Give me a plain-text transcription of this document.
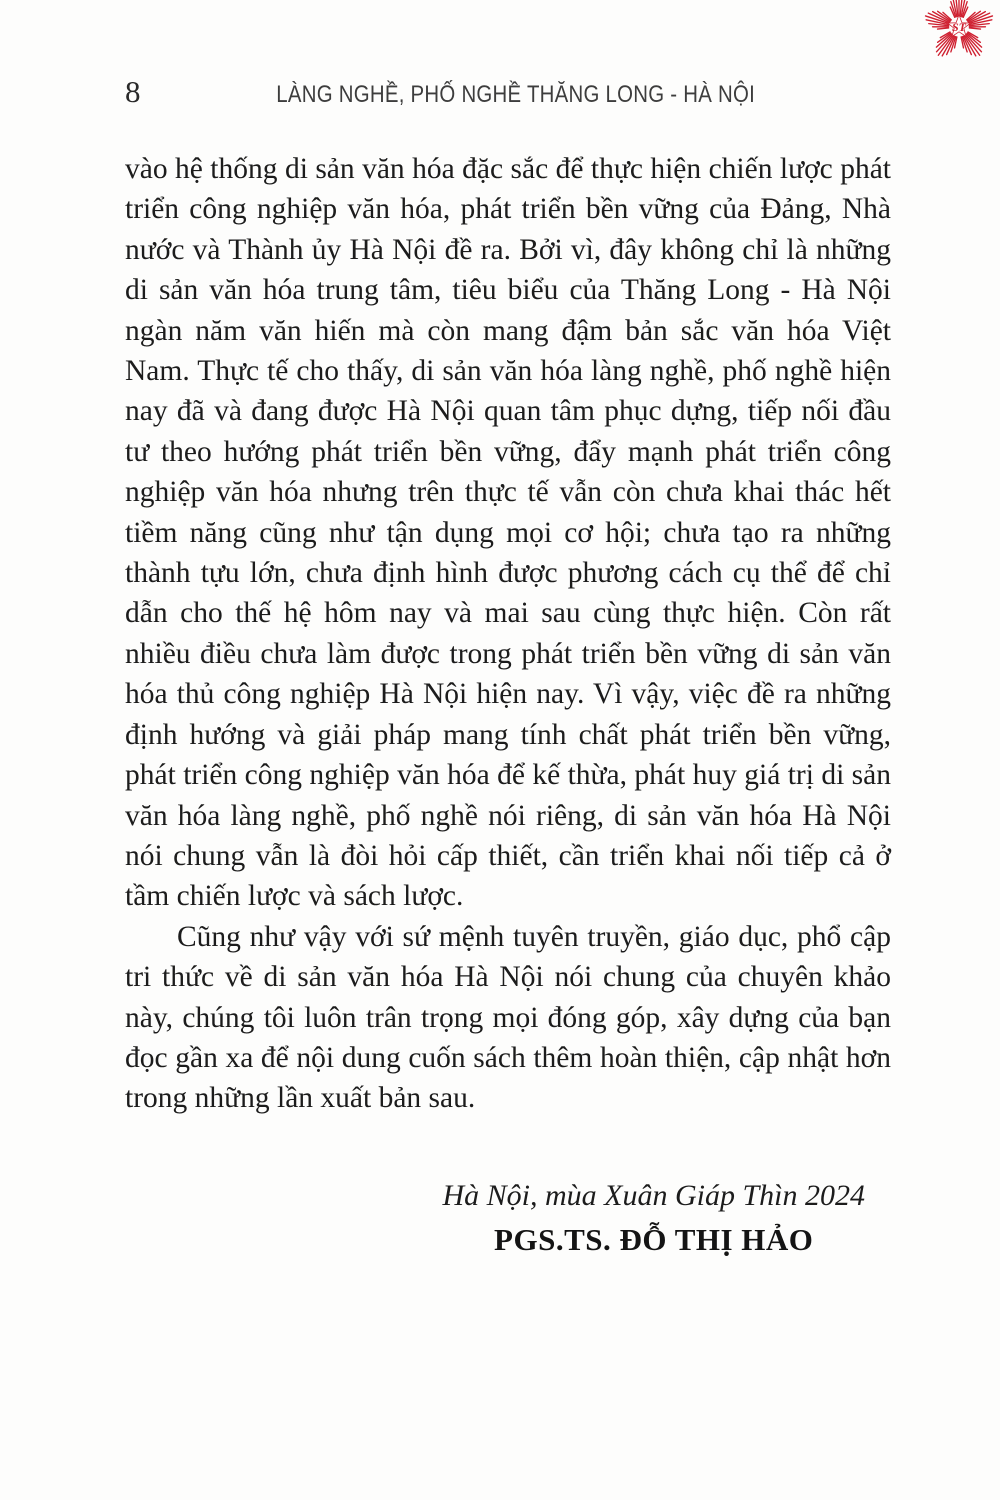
ST
8	LÀNG NGHỀ, PHỐ NGHỀ THĂNG LONG - HÀ NỘI

vào hệ thống di sản văn hóa đặc sắc để thực hiện chiến lược phát triển công nghiệp văn hóa, phát triển bền vững của Đảng, Nhà nước và Thành ủy Hà Nội đề ra. Bởi vì, đây không chỉ là những di sản văn hóa trung tâm, tiêu biểu của Thăng Long - Hà Nội ngàn năm văn hiến mà còn mang đậm bản sắc văn hóa Việt Nam. Thực tế cho thấy, di sản văn hóa làng nghề, phố nghề hiện nay đã và đang được Hà Nội quan tâm phục dựng, tiếp nối đầu tư theo hướng phát triển bền vững, đẩy mạnh phát triển công nghiệp văn hóa nhưng trên thực tế vẫn còn chưa khai thác hết tiềm năng cũng như tận dụng mọi cơ hội; chưa tạo ra những thành tựu lớn, chưa định hình được phương cách cụ thể để chỉ dẫn cho thế hệ hôm nay và mai sau cùng thực hiện. Còn rất nhiều điều chưa làm được trong phát triển bền vững di sản văn hóa thủ công nghiệp Hà Nội hiện nay. Vì vậy, việc đề ra những định hướng và giải pháp mang tính chất phát triển bền vững, phát triển công nghiệp văn hóa để kế thừa, phát huy giá trị di sản văn hóa làng nghề, phố nghề nói riêng, di sản văn hóa Hà Nội nói chung vẫn là đòi hỏi cấp thiết, cần triển khai nối tiếp cả ở tầm chiến lược và sách lược.

Cũng như vậy với sứ mệnh tuyên truyền, giáo dục, phổ cập tri thức về di sản văn hóa Hà Nội nói chung của chuyên khảo này, chúng tôi luôn trân trọng mọi đóng góp, xây dựng của bạn đọc gần xa để nội dung cuốn sách thêm hoàn thiện, cập nhật hơn trong những lần xuất bản sau.

Hà Nội, mùa Xuân Giáp Thìn 2024
PGS.TS. ĐỖ THỊ HẢO
